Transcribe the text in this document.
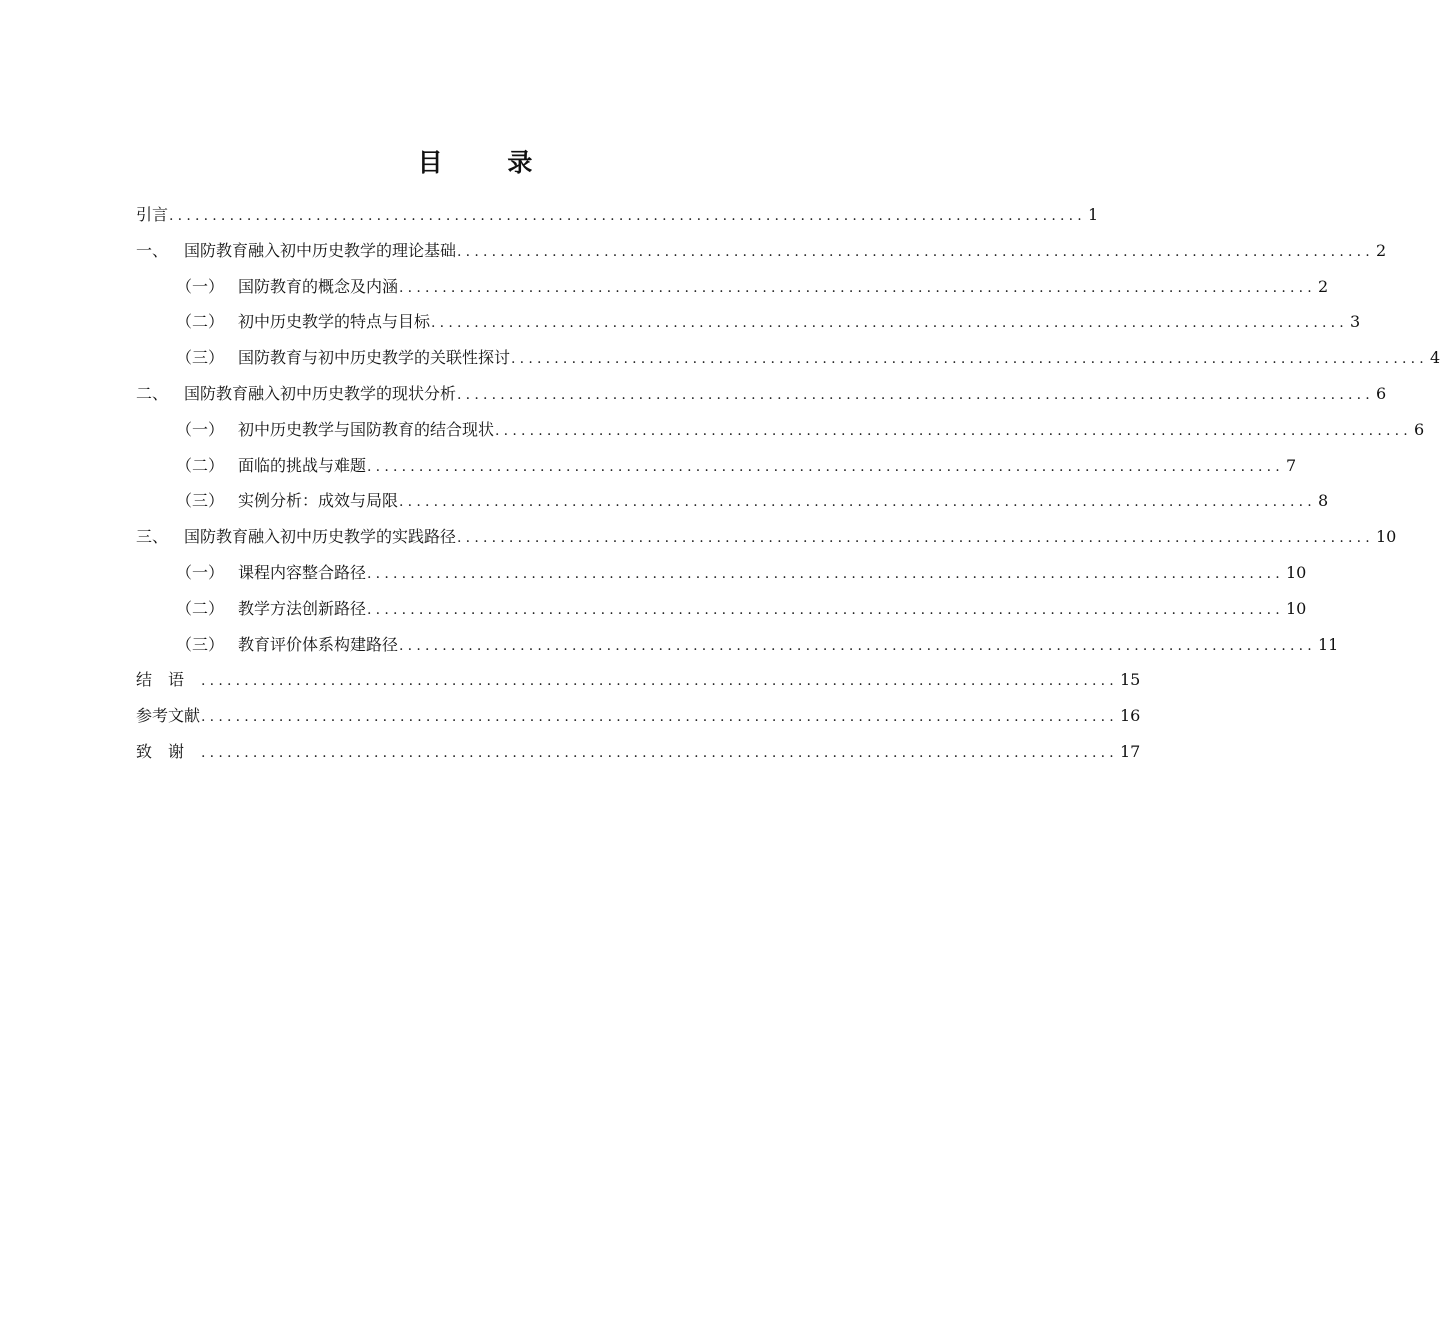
目 录
引言 .......................................................................................................... 1
一、 国防教育融入初中历史教学的理论基础 .......................................................................................................... 2
（一） 国防教育的概念及内涵 .......................................................................................................... 2
（二） 初中历史教学的特点与目标 .......................................................................................................... 3
（三） 国防教育与初中历史教学的关联性探讨 .......................................................................................................... 4
二、 国防教育融入初中历史教学的现状分析 .......................................................................................................... 6
（一） 初中历史教学与国防教育的结合现状 .......................................................................................................... 6
（二） 面临的挑战与难题 .......................................................................................................... 7
（三） 实例分析：成效与局限 .......................................................................................................... 8
三、 国防教育融入初中历史教学的实践路径 .......................................................................................................... 10
（一） 课程内容整合路径 .......................................................................................................... 10
（二） 教学方法创新路径 .......................................................................................................... 10
（三） 教育评价体系构建路径 .......................................................................................................... 11
结语 .......................................................................................................... 15
参考文献 .......................................................................................................... 16
致谢 .......................................................................................................... 17
